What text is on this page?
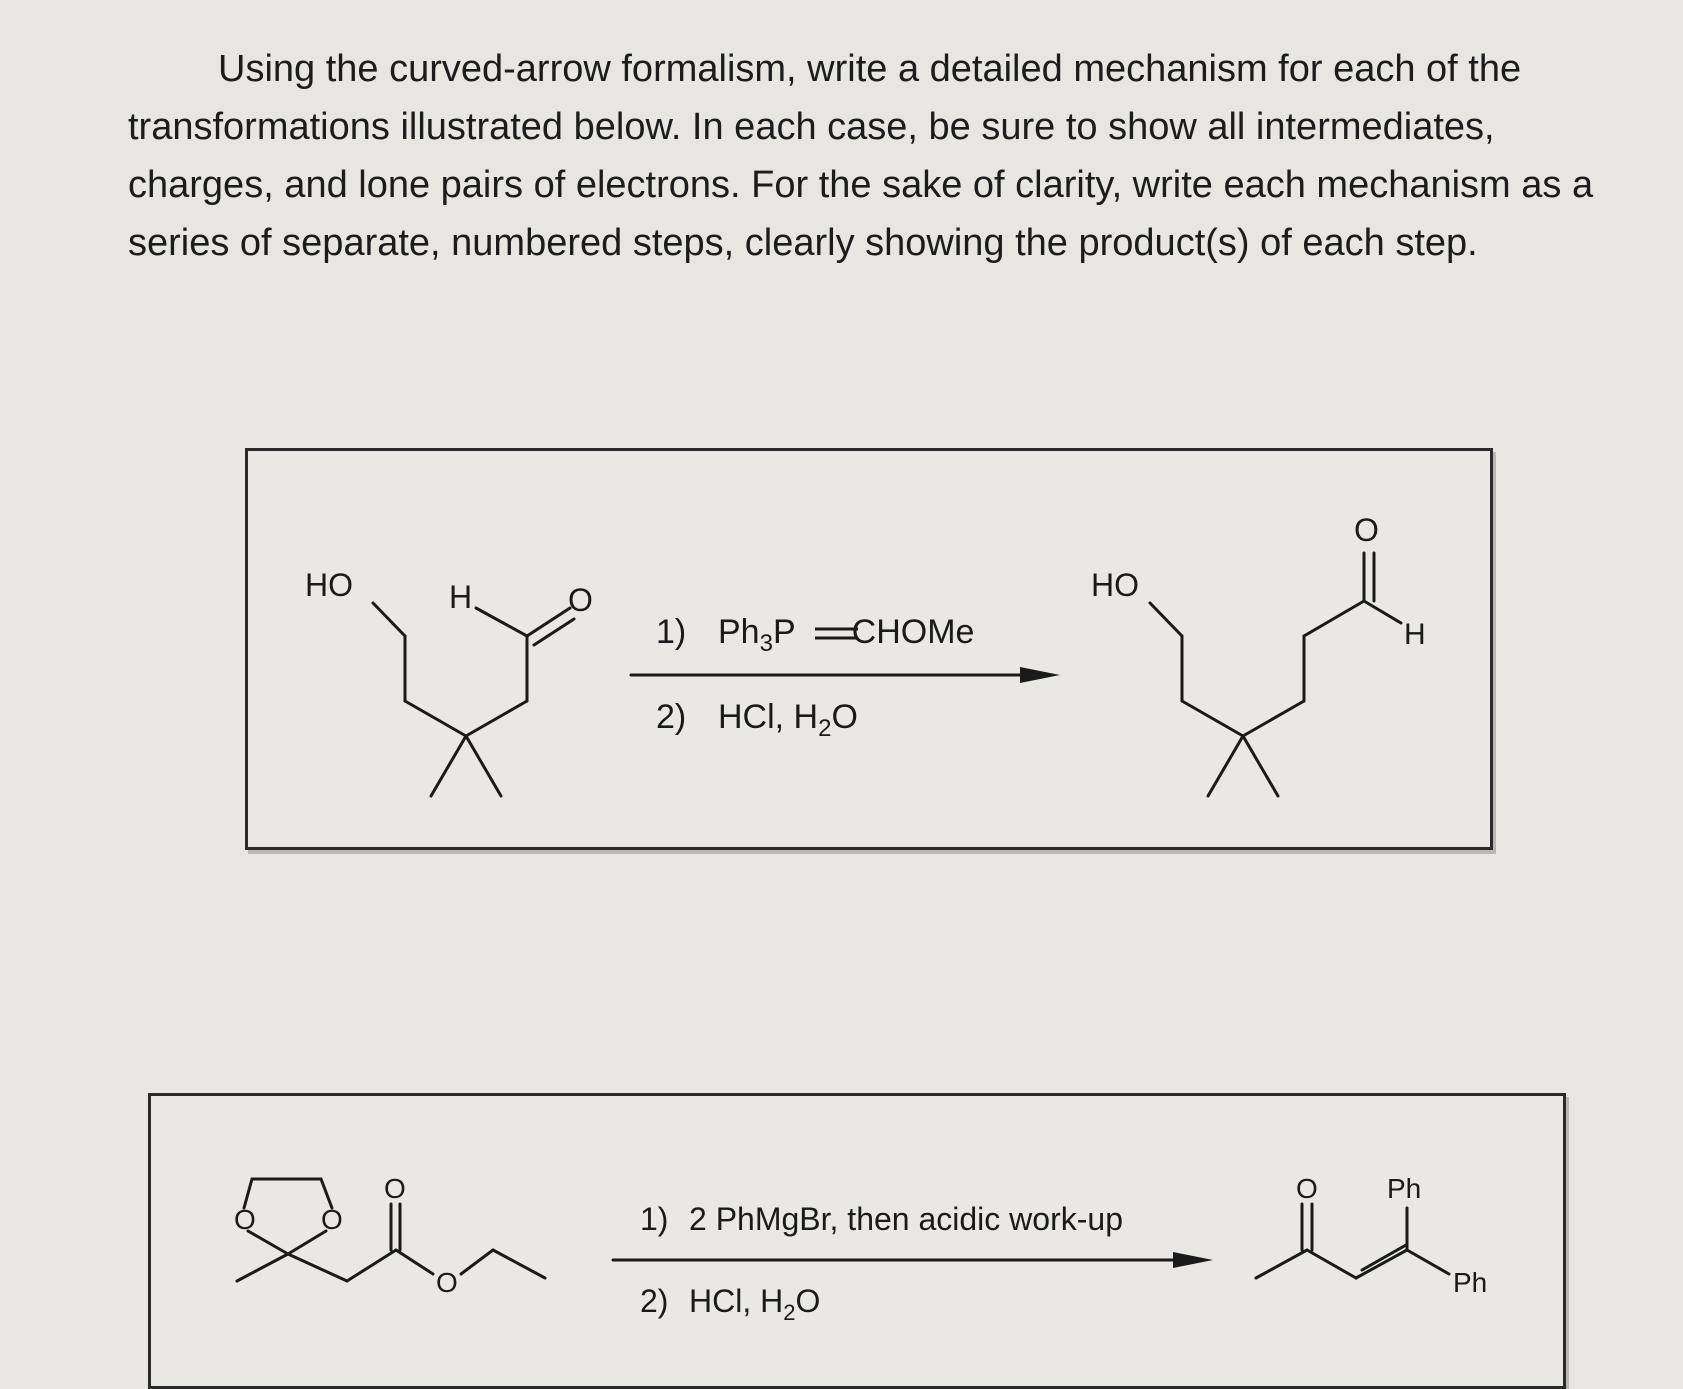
Using the curved-arrow formalism, write a detailed mechanism for each of the
transformations illustrated below. In each case, be sure to show all intermediates,
charges, and lone pairs of electrons. For the sake of clarity, write each mechanism as a
series of separate, numbered steps, clearly showing the product(s) of each step.
HO	H	O
1) $Ph_3P$ CHOMe
2) HCl, $H_2O$
HO
O
H
O O
O
O
1) 2 PhMgBr, then acidic work-up
2) HCl, $H_2O$
O Ph
Ph
